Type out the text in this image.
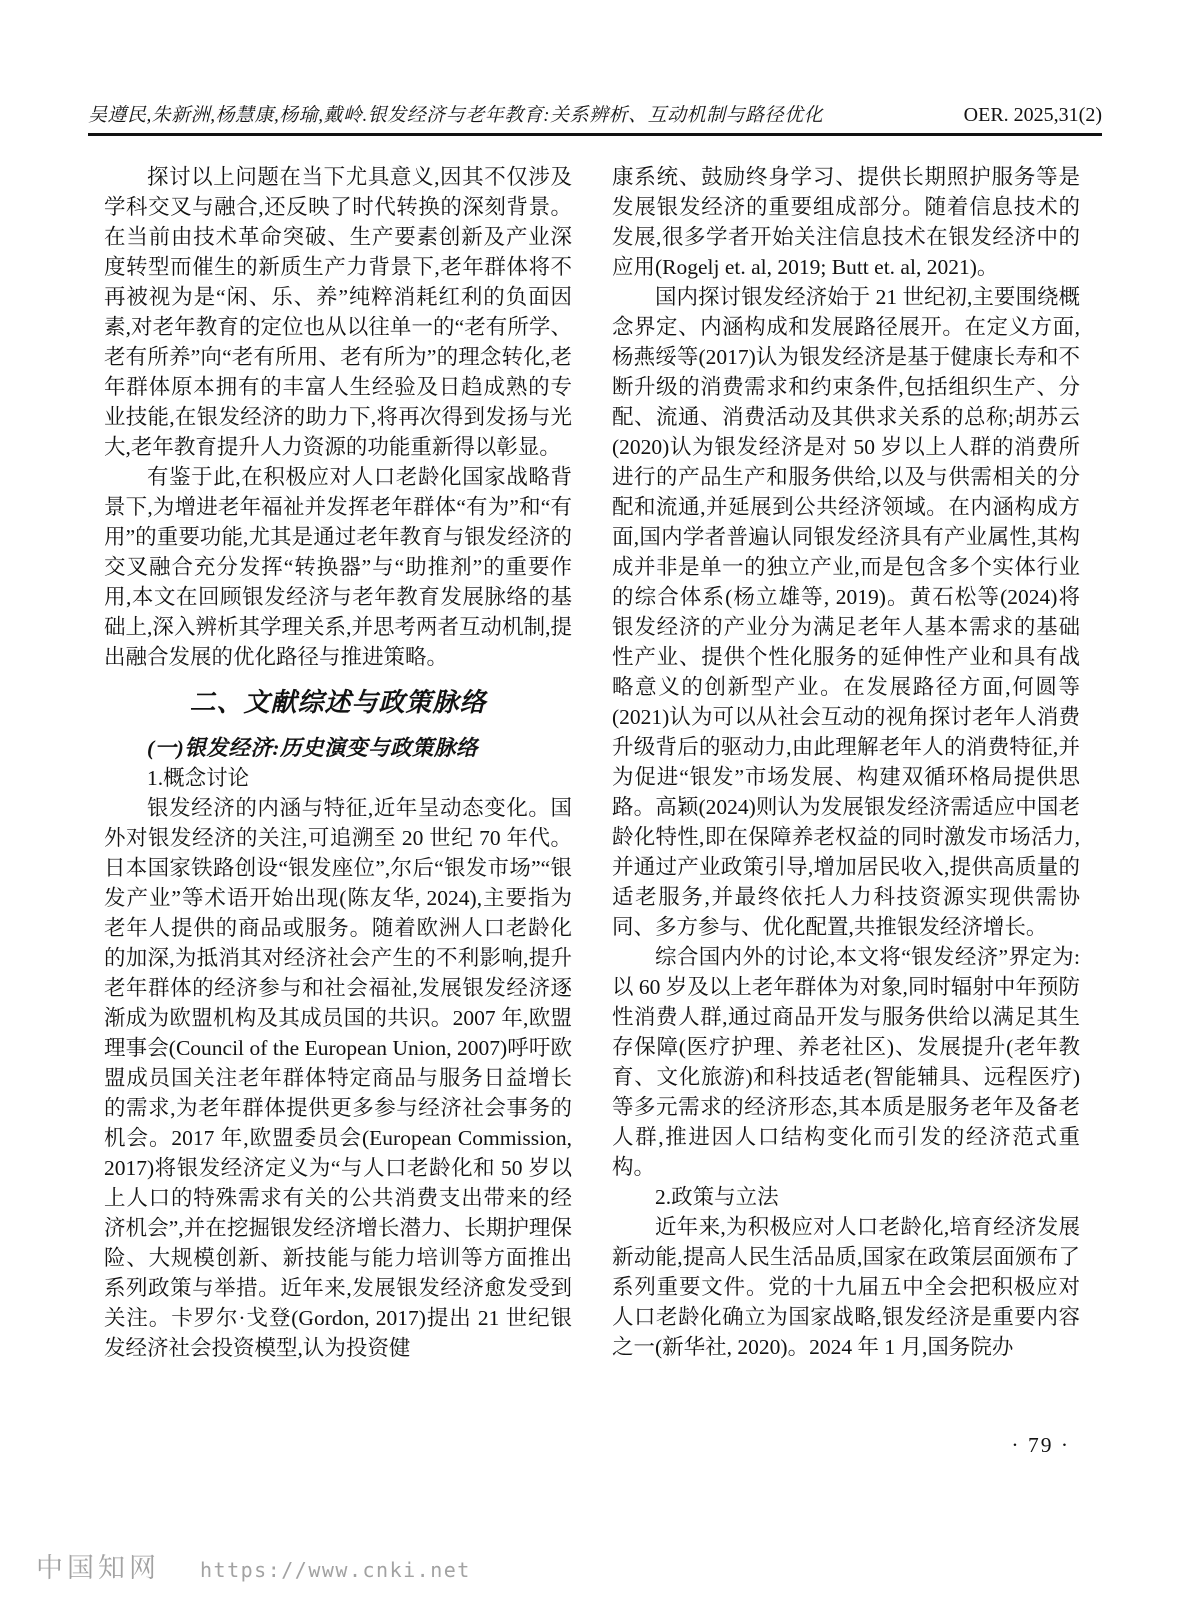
吴遵民,朱新洲,杨慧康,杨瑜,戴岭.银发经济与老年教育:关系辨析、互动机制与路径优化	OER. 2025,31(2)

探讨以上问题在当下尤具意义,因其不仅涉及学科交叉与融合,还反映了时代转换的深刻背景。在当前由技术革命突破、生产要素创新及产业深度转型而催生的新质生产力背景下,老年群体将不再被视为是“闲、乐、养”纯粹消耗红利的负面因素,对老年教育的定位也从以往单一的“老有所学、老有所养”向“老有所用、老有所为”的理念转化,老年群体原本拥有的丰富人生经验及日趋成熟的专业技能,在银发经济的助力下,将再次得到发扬与光大,老年教育提升人力资源的功能重新得以彰显。

有鉴于此,在积极应对人口老龄化国家战略背景下,为增进老年福祉并发挥老年群体“有为”和“有用”的重要功能,尤其是通过老年教育与银发经济的交叉融合充分发挥“转换器”与“助推剂”的重要作用,本文在回顾银发经济与老年教育发展脉络的基础上,深入辨析其学理关系,并思考两者互动机制,提出融合发展的优化路径与推进策略。

二、文献综述与政策脉络
(一)银发经济:历史演变与政策脉络
1.概念讨论

银发经济的内涵与特征,近年呈动态变化。国外对银发经济的关注,可追溯至 20 世纪 70 年代。日本国家铁路创设“银发座位”,尔后“银发市场”“银发产业”等术语开始出现(陈友华, 2024),主要指为老年人提供的商品或服务。随着欧洲人口老龄化的加深,为抵消其对经济社会产生的不利影响,提升老年群体的经济参与和社会福祉,发展银发经济逐渐成为欧盟机构及其成员国的共识。2007 年,欧盟理事会(Council of the European Union, 2007)呼吁欧盟成员国关注老年群体特定商品与服务日益增长的需求,为老年群体提供更多参与经济社会事务的机会。2017 年,欧盟委员会(European Commission, 2017)将银发经济定义为“与人口老龄化和 50 岁以上人口的特殊需求有关的公共消费支出带来的经济机会”,并在挖掘银发经济增长潜力、长期护理保险、大规模创新、新技能与能力培训等方面推出系列政策与举措。近年来,发展银发经济愈发受到关注。卡罗尔·戈登(Gordon, 2017)提出 21 世纪银发经济社会投资模型,认为投资健

康系统、鼓励终身学习、提供长期照护服务等是发展银发经济的重要组成部分。随着信息技术的发展,很多学者开始关注信息技术在银发经济中的应用(Rogelj et. al, 2019; Butt et. al, 2021)。

国内探讨银发经济始于 21 世纪初,主要围绕概念界定、内涵构成和发展路径展开。在定义方面,杨燕绥等(2017)认为银发经济是基于健康长寿和不断升级的消费需求和约束条件,包括组织生产、分配、流通、消费活动及其供求关系的总称;胡苏云(2020)认为银发经济是对 50 岁以上人群的消费所进行的产品生产和服务供给,以及与供需相关的分配和流通,并延展到公共经济领域。在内涵构成方面,国内学者普遍认同银发经济具有产业属性,其构成并非是单一的独立产业,而是包含多个实体行业的综合体系(杨立雄等, 2019)。黄石松等(2024)将银发经济的产业分为满足老年人基本需求的基础性产业、提供个性化服务的延伸性产业和具有战略意义的创新型产业。在发展路径方面,何圆等(2021)认为可以从社会互动的视角探讨老年人消费升级背后的驱动力,由此理解老年人的消费特征,并为促进“银发”市场发展、构建双循环格局提供思路。高颖(2024)则认为发展银发经济需适应中国老龄化特性,即在保障养老权益的同时激发市场活力,并通过产业政策引导,增加居民收入,提供高质量的适老服务,并最终依托人力科技资源实现供需协同、多方参与、优化配置,共推银发经济增长。

综合国内外的讨论,本文将“银发经济”界定为:以 60 岁及以上老年群体为对象,同时辐射中年预防性消费人群,通过商品开发与服务供给以满足其生存保障(医疗护理、养老社区)、发展提升(老年教育、文化旅游)和科技适老(智能辅具、远程医疗)等多元需求的经济形态,其本质是服务老年及备老人群,推进因人口结构变化而引发的经济范式重构。

2.政策与立法

近年来,为积极应对人口老龄化,培育经济发展新动能,提高人民生活品质,国家在政策层面颁布了系列重要文件。党的十九届五中全会把积极应对人口老龄化确立为国家战略,银发经济是重要内容之一(新华社, 2020)。2024 年 1 月,国务院办

· 79 ·
中国知网 https://www.cnki.net
